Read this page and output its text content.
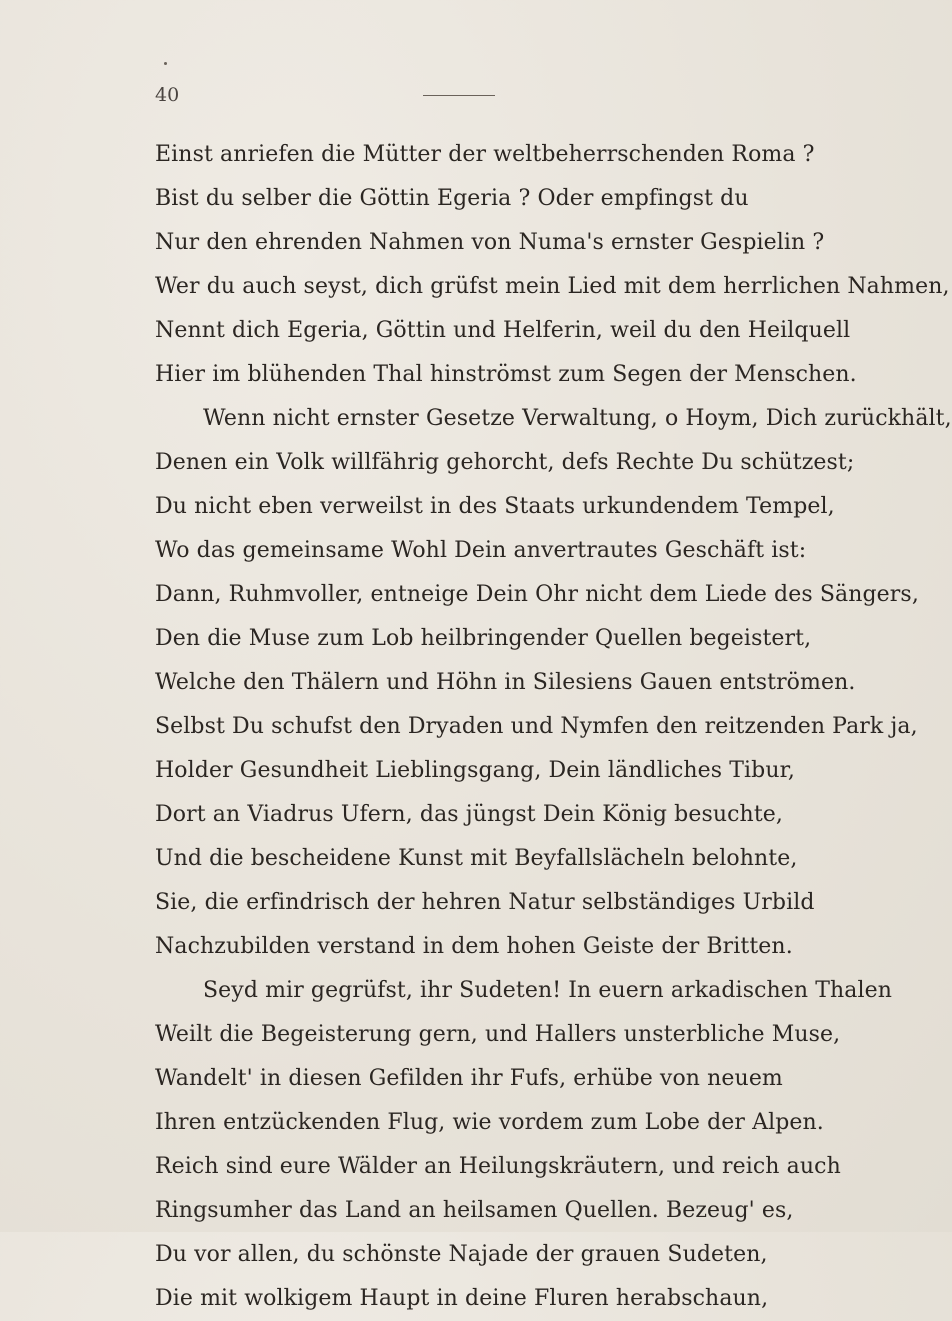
40
Einst anriefen die Mütter der weltbeherrschenden Roma ?
Bist du selber die Göttin Egeria ? Oder empfingst du
Nur den ehrenden Nahmen von Numa's ernster Gespielin ?
Wer du auch seyst, dich grüfst mein Lied mit dem herrlichen Nahmen,
Nennt dich Egeria, Göttin und Helferin, weil du den Heilquell
Hier im blühenden Thal hinströmst zum Segen der Menschen.
Wenn nicht ernster Gesetze Verwaltung, o Hoym, Dich zurückhält,
Denen ein Volk willfährig gehorcht, defs Rechte Du schützest;
Du nicht eben verweilst in des Staats urkundendem Tempel,
Wo das gemeinsame Wohl Dein anvertrautes Geschäft ist:
Dann, Ruhmvoller, entneige Dein Ohr nicht dem Liede des Sängers,
Den die Muse zum Lob heilbringender Quellen begeistert,
Welche den Thälern und Höhn in Silesiens Gauen entströmen.
Selbst Du schufst den Dryaden und Nymfen den reitzenden Park ja,
Holder Gesundheit Lieblingsgang, Dein ländliches Tibur,
Dort an Viadrus Ufern, das jüngst Dein König besuchte,
Und die bescheidene Kunst mit Beyfallslächeln belohnte,
Sie, die erfindrisch der hehren Natur selbständiges Urbild
Nachzubilden verstand in dem hohen Geiste der Britten.
Seyd mir gegrüfst, ihr Sudeten! In euern arkadischen Thalen
Weilt die Begeisterung gern, und Hallers unsterbliche Muse,
Wandelt' in diesen Gefilden ihr Fufs, erhübe von neuem
Ihren entzückenden Flug, wie vordem zum Lobe der Alpen.
Reich sind eure Wälder an Heilungskräutern, und reich auch
Ringsumher das Land an heilsamen Quellen. Bezeug' es,
Du vor allen, du schönste Najade der grauen Sudeten,
Die mit wolkigem Haupt in deine Fluren herabschaun,
